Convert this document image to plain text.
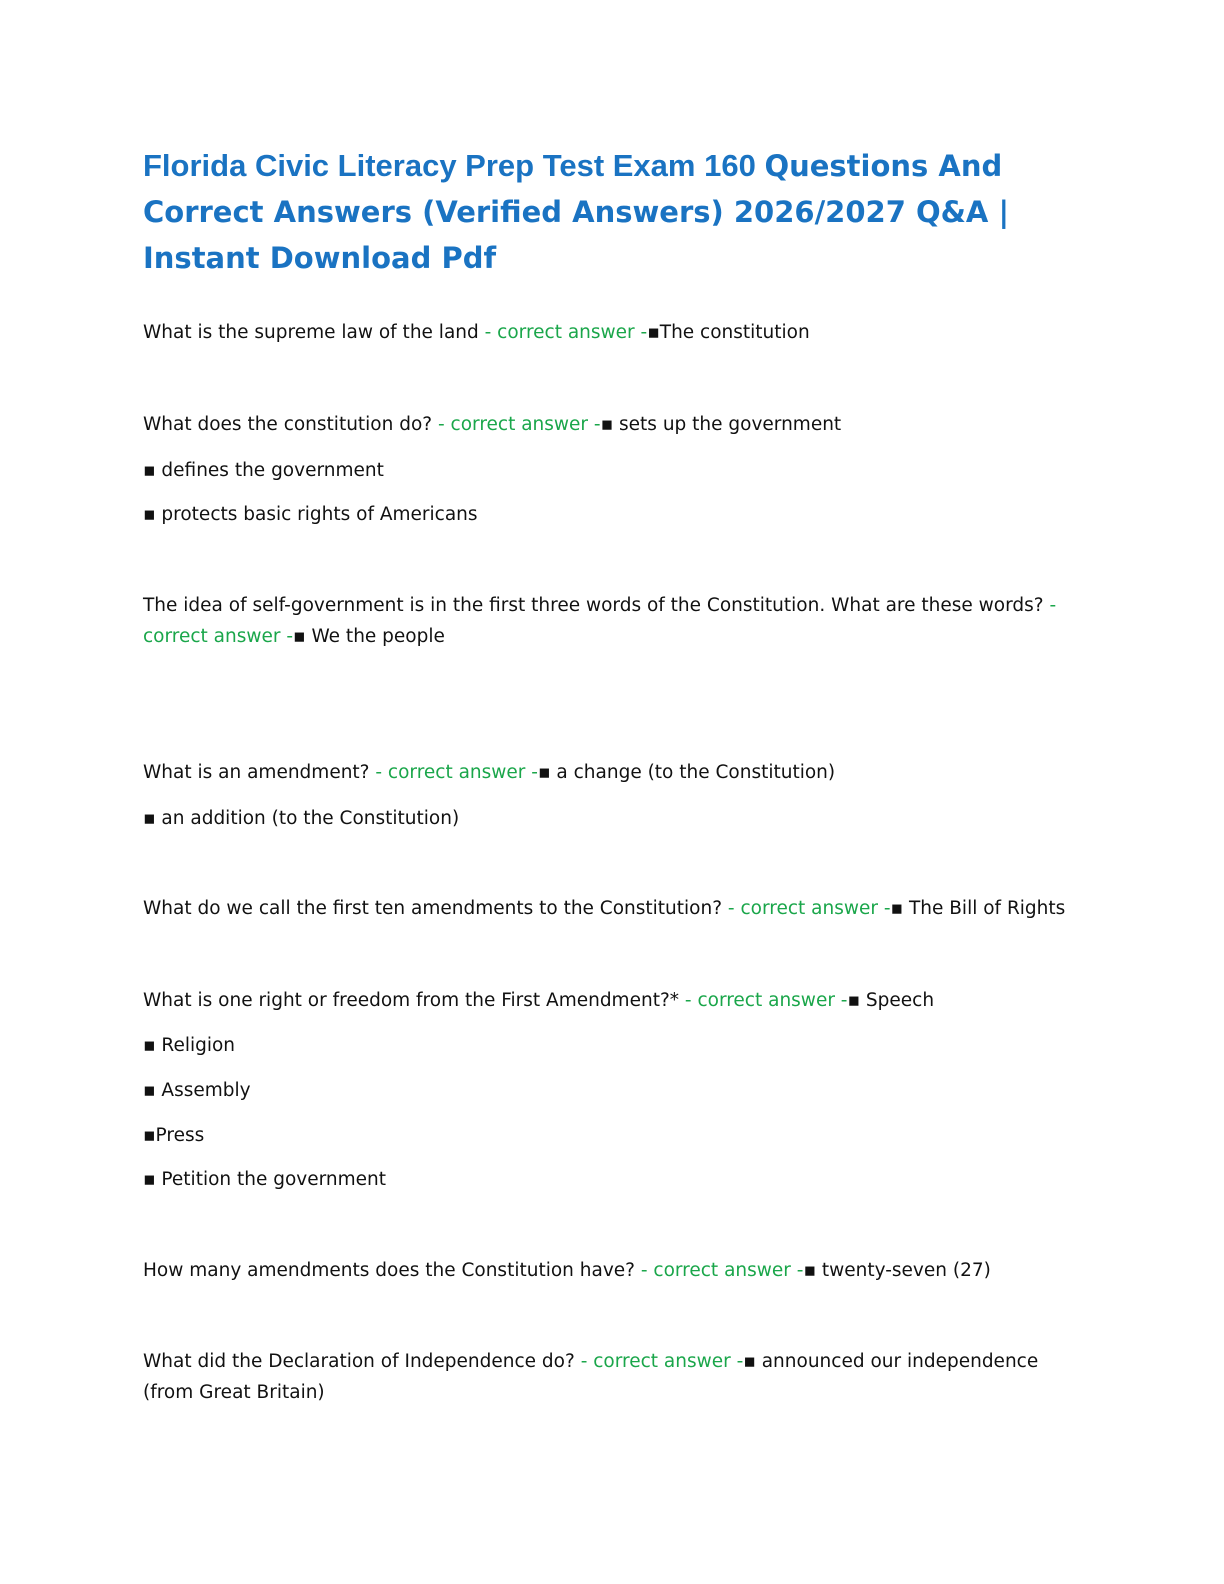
Florida Civic Literacy Prep Test Exam 160 Questions And Correct Answers (Verified Answers) 2026/2027 Q&A | Instant Download Pdf
What is the supreme law of the land - correct answer -▪The constitution
What does the constitution do? - correct answer -▪ sets up the government
▪ defines the government
▪ protects basic rights of Americans
The idea of self-government is in the first three words of the Constitution. What are these words? - correct answer -▪ We the people
What is an amendment? - correct answer -▪ a change (to the Constitution)
▪ an addition (to the Constitution)
What do we call the first ten amendments to the Constitution? - correct answer -▪ The Bill of Rights
What is one right or freedom from the First Amendment?* - correct answer -▪ Speech
▪ Religion
▪ Assembly
▪Press
▪ Petition the government
How many amendments does the Constitution have? - correct answer -▪ twenty-seven (27)
What did the Declaration of Independence do? - correct answer -▪ announced our independence (from Great Britain)
